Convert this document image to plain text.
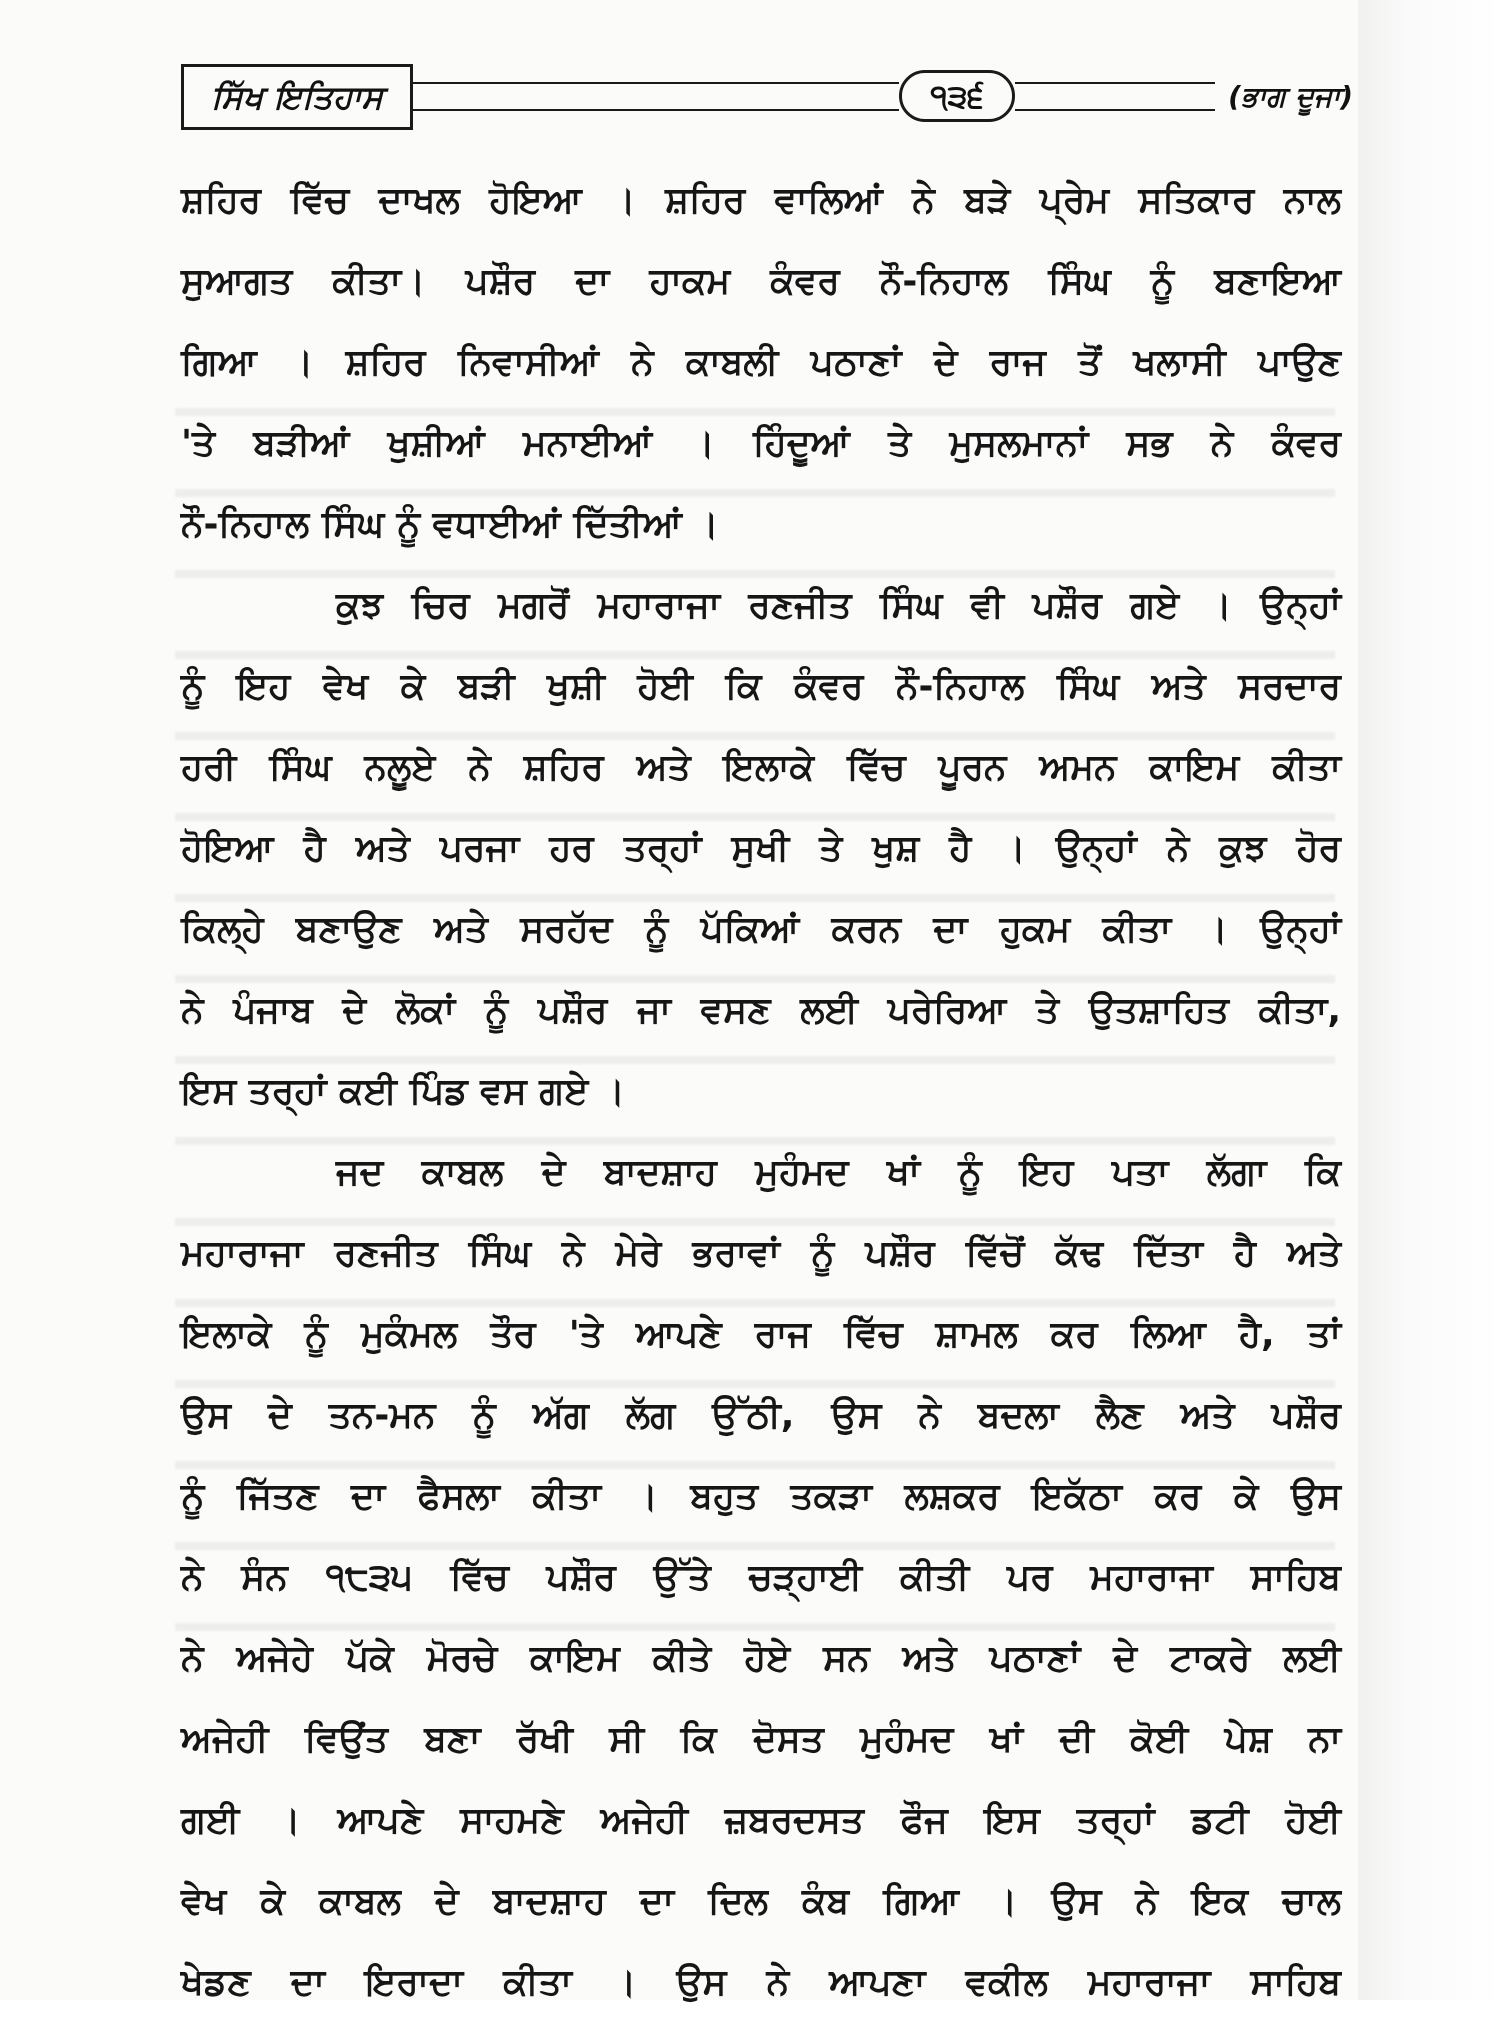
ਸਿੱਖ ਇਤਿਹਾਸ	੧੩੬	(ਭਾਗ ਦੂਜਾ)
ਸ਼ਹਿਰ ਵਿੱਚ ਦਾਖਲ ਹੋਇਆ । ਸ਼ਹਿਰ ਵਾਲਿਆਂ ਨੇ ਬੜੇ ਪ੍ਰੇਮ ਸਤਿਕਾਰ ਨਾਲ
ਸੁਆਗਤ ਕੀਤਾ। ਪਸ਼ੌਰ ਦਾ ਹਾਕਮ ਕੰਵਰ ਨੌ-ਨਿਹਾਲ ਸਿੰਘ ਨੂੰ ਬਣਾਇਆ
ਗਿਆ । ਸ਼ਹਿਰ ਨਿਵਾਸੀਆਂ ਨੇ ਕਾਬਲੀ ਪਠਾਣਾਂ ਦੇ ਰਾਜ ਤੋਂ ਖਲਾਸੀ ਪਾਉਣ
'ਤੇ ਬੜੀਆਂ ਖੁਸ਼ੀਆਂ ਮਨਾਈਆਂ । ਹਿੰਦੂਆਂ ਤੇ ਮੁਸਲਮਾਨਾਂ ਸਭ ਨੇ ਕੰਵਰ
ਨੌ-ਨਿਹਾਲ ਸਿੰਘ ਨੂੰ ਵਧਾਈਆਂ ਦਿੱਤੀਆਂ ।
ਕੁਝ ਚਿਰ ਮਗਰੋਂ ਮਹਾਰਾਜਾ ਰਣਜੀਤ ਸਿੰਘ ਵੀ ਪਸ਼ੌਰ ਗਏ । ਉਨ੍ਹਾਂ
ਨੂੰ ਇਹ ਵੇਖ ਕੇ ਬੜੀ ਖੁਸ਼ੀ ਹੋਈ ਕਿ ਕੰਵਰ ਨੌ-ਨਿਹਾਲ ਸਿੰਘ ਅਤੇ ਸਰਦਾਰ
ਹਰੀ ਸਿੰਘ ਨਲੂਏ ਨੇ ਸ਼ਹਿਰ ਅਤੇ ਇਲਾਕੇ ਵਿੱਚ ਪੂਰਨ ਅਮਨ ਕਾਇਮ ਕੀਤਾ
ਹੋਇਆ ਹੈ ਅਤੇ ਪਰਜਾ ਹਰ ਤਰ੍ਹਾਂ ਸੁਖੀ ਤੇ ਖੁਸ਼ ਹੈ । ਉਨ੍ਹਾਂ ਨੇ ਕੁਝ ਹੋਰ
ਕਿਲ੍ਹੇ ਬਣਾਉਣ ਅਤੇ ਸਰਹੱਦ ਨੂੰ ਪੱਕਿਆਂ ਕਰਨ ਦਾ ਹੁਕਮ ਕੀਤਾ । ਉਨ੍ਹਾਂ
ਨੇ ਪੰਜਾਬ ਦੇ ਲੋਕਾਂ ਨੂੰ ਪਸ਼ੌਰ ਜਾ ਵਸਣ ਲਈ ਪਰੇਰਿਆ ਤੇ ਉਤਸ਼ਾਹਿਤ ਕੀਤਾ,
ਇਸ ਤਰ੍ਹਾਂ ਕਈ ਪਿੰਡ ਵਸ ਗਏ ।
ਜਦ ਕਾਬਲ ਦੇ ਬਾਦਸ਼ਾਹ ਮੁਹੰਮਦ ਖਾਂ ਨੂੰ ਇਹ ਪਤਾ ਲੱਗਾ ਕਿ
ਮਹਾਰਾਜਾ ਰਣਜੀਤ ਸਿੰਘ ਨੇ ਮੇਰੇ ਭਰਾਵਾਂ ਨੂੰ ਪਸ਼ੌਰ ਵਿੱਚੋਂ ਕੱਢ ਦਿੱਤਾ ਹੈ ਅਤੇ
ਇਲਾਕੇ ਨੂੰ ਮੁਕੰਮਲ ਤੌਰ 'ਤੇ ਆਪਣੇ ਰਾਜ ਵਿੱਚ ਸ਼ਾਮਲ ਕਰ ਲਿਆ ਹੈ, ਤਾਂ
ਉਸ ਦੇ ਤਨ-ਮਨ ਨੂੰ ਅੱਗ ਲੱਗ ਉੱਠੀ, ਉਸ ਨੇ ਬਦਲਾ ਲੈਣ ਅਤੇ ਪਸ਼ੌਰ
ਨੂੰ ਜਿੱਤਣ ਦਾ ਫੈਸਲਾ ਕੀਤਾ । ਬਹੁਤ ਤਕੜਾ ਲਸ਼ਕਰ ਇਕੱਠਾ ਕਰ ਕੇ ਉਸ
ਨੇ ਸੰਨ ੧੮੩੫ ਵਿੱਚ ਪਸ਼ੌਰ ਉੱਤੇ ਚੜ੍ਹਾਈ ਕੀਤੀ ਪਰ ਮਹਾਰਾਜਾ ਸਾਹਿਬ
ਨੇ ਅਜੇਹੇ ਪੱਕੇ ਮੋਰਚੇ ਕਾਇਮ ਕੀਤੇ ਹੋਏ ਸਨ ਅਤੇ ਪਠਾਣਾਂ ਦੇ ਟਾਕਰੇ ਲਈ
ਅਜੇਹੀ ਵਿਉਂਤ ਬਣਾ ਰੱਖੀ ਸੀ ਕਿ ਦੋਸਤ ਮੁਹੰਮਦ ਖਾਂ ਦੀ ਕੋਈ ਪੇਸ਼ ਨਾ
ਗਈ । ਆਪਣੇ ਸਾਹਮਣੇ ਅਜੇਹੀ ਜ਼ਬਰਦਸਤ ਫੌਜ ਇਸ ਤਰ੍ਹਾਂ ਡਟੀ ਹੋਈ
ਵੇਖ ਕੇ ਕਾਬਲ ਦੇ ਬਾਦਸ਼ਾਹ ਦਾ ਦਿਲ ਕੰਬ ਗਿਆ । ਉਸ ਨੇ ਇਕ ਚਾਲ
ਖੇਡਣ ਦਾ ਇਰਾਦਾ ਕੀਤਾ । ਉਸ ਨੇ ਆਪਣਾ ਵਕੀਲ ਮਹਾਰਾਜਾ ਸਾਹਿਬ
